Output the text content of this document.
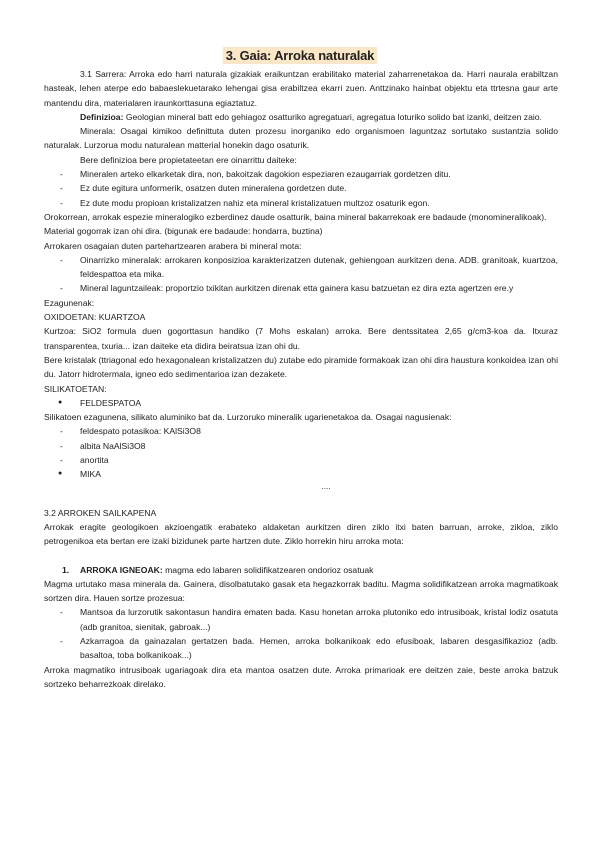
3. Gaia: Arroka naturalak

3.1 Sarrera: Arroka edo harri naturala gizakiak eraikuntzan erabilitako material zaharrenetakoa da. Harri naurala erabiltzan hasteak, lehen aterpe edo babaeslekuetarako lehengai gisa erabiltzea ekarri zuen. Anttzinako hainbat objektu eta ttrtesna gaur arte mantendu dira, materialaren iraunkorttasuna egiaztatuz.

Definizioa: Geologian mineral batt edo gehiagoz osatturiko agregatuari, agregatua loturiko solido bat izanki, deitzen zaio.

Minerala: Osagai kimikoo definittuta duten prozesu inorganiko edo organismoen laguntzaz sortutako sustantzia solido naturalak. Lurzorua modu naturalean matterial honekin dago osaturik.

Bere definizioa bere propietateetan ere oinarrittu daiteke:

- Mineralen arteko elkarketak dira, non, bakoitzak dagokion espeziaren ezaugarriak gordetzen ditu.

- Ez dute egitura unformerik, osatzen duten mineralena gordetzen dute.

- Ez dute modu propioan kristalizatzen nahiz eta mineral kristalizatuen multzoz osaturik egon.

Orokorrean, arrokak espezie mineralogiko ezberdinez daude osatturik, baina mineral bakarrekoak ere badaude (monomineralikoak).

Material gogorrak izan ohi dira. (bigunak ere badaude: hondarra, buztina)

Arrokaren osagaian duten partehartzearen arabera bi mineral mota:

- Oinarrizko mineralak: arrokaren konposizioa karakterizatzen dutenak, gehiengoan aurkitzen dena. ADB. granitoak, kuartzoa, feldespattoa eta mika.

- Mineral laguntzaileak: proportzio txikitan aurkitzen direnak etta gainera kasu batzuetan ez dira ezta agertzen ere.y

Ezagunenak:

OXIDOETAN: KUARTZOA

Kurtzoa: SiO2 formula duen gogorttasun handiko (7 Mohs eskalan) arroka. Bere dentssitatea 2,65 g/cm3-koa da. Itxuraz transparentea, txuria... izan daiteke eta didira beiratsua izan ohi du.

Bere kristalak (ttriagonal edo hexagonalean kristalizatzen du) zutabe edo piramide formakoak izan ohi dira haustura konkoidea izan ohi du. Jatorr hidrotermala, igneo edo sedimentarioa izan dezakete.

SILIKATOETAN:

● FELDESPATOA

Silikatoen ezagunena, silikato aluminiko bat da. Lurzoruko mineralik ugarienetakoa da. Osagai nagusienak:

- feldespato potasikoa: KAlSi3O8

- albita NaAlSi3O8

- anortita

● MIKA

....

3.2 ARROKEN SAILKAPENA

Arrokak eragite geologikoen akzioengatik erabateko aldaketan aurkitzen diren ziklo itxi baten barruan, arroke, zikloa, ziklo petrogenikoa eta bertan ere izaki bizidunek parte hartzen dute. Ziklo horrekin hiru arroka mota:

1. ARROKA IGNEOAK: magma edo labaren solidifikatzearen ondorioz osatuak

Magma urtutako masa minerala da. Gainera, disolbatutako gasak eta hegazkorrak baditu. Magma solidifikatzean arroka magmatikoak sortzen dira. Hauen sortze prozesua:

- Mantsoa da lurzorutik sakontasun handira ematen bada. Kasu honetan arroka plutoniko edo intrusiboak, kristal lodiz osatuta (adb granitoa, sienitak, gabroak...)

- Azkarragoa da gainazalan gertatzen bada. Hemen, arroka bolkanikoak edo efusiboak, labaren desgasifikazioz (adb. basaltoa, toba bolkanikoak...)

Arroka magmatiko intrusiboak ugariagoak dira eta mantoa osatzen dute. Arroka primarioak ere deitzen zaie, beste arroka batzuk sortzeko beharrezkoak direlako.
